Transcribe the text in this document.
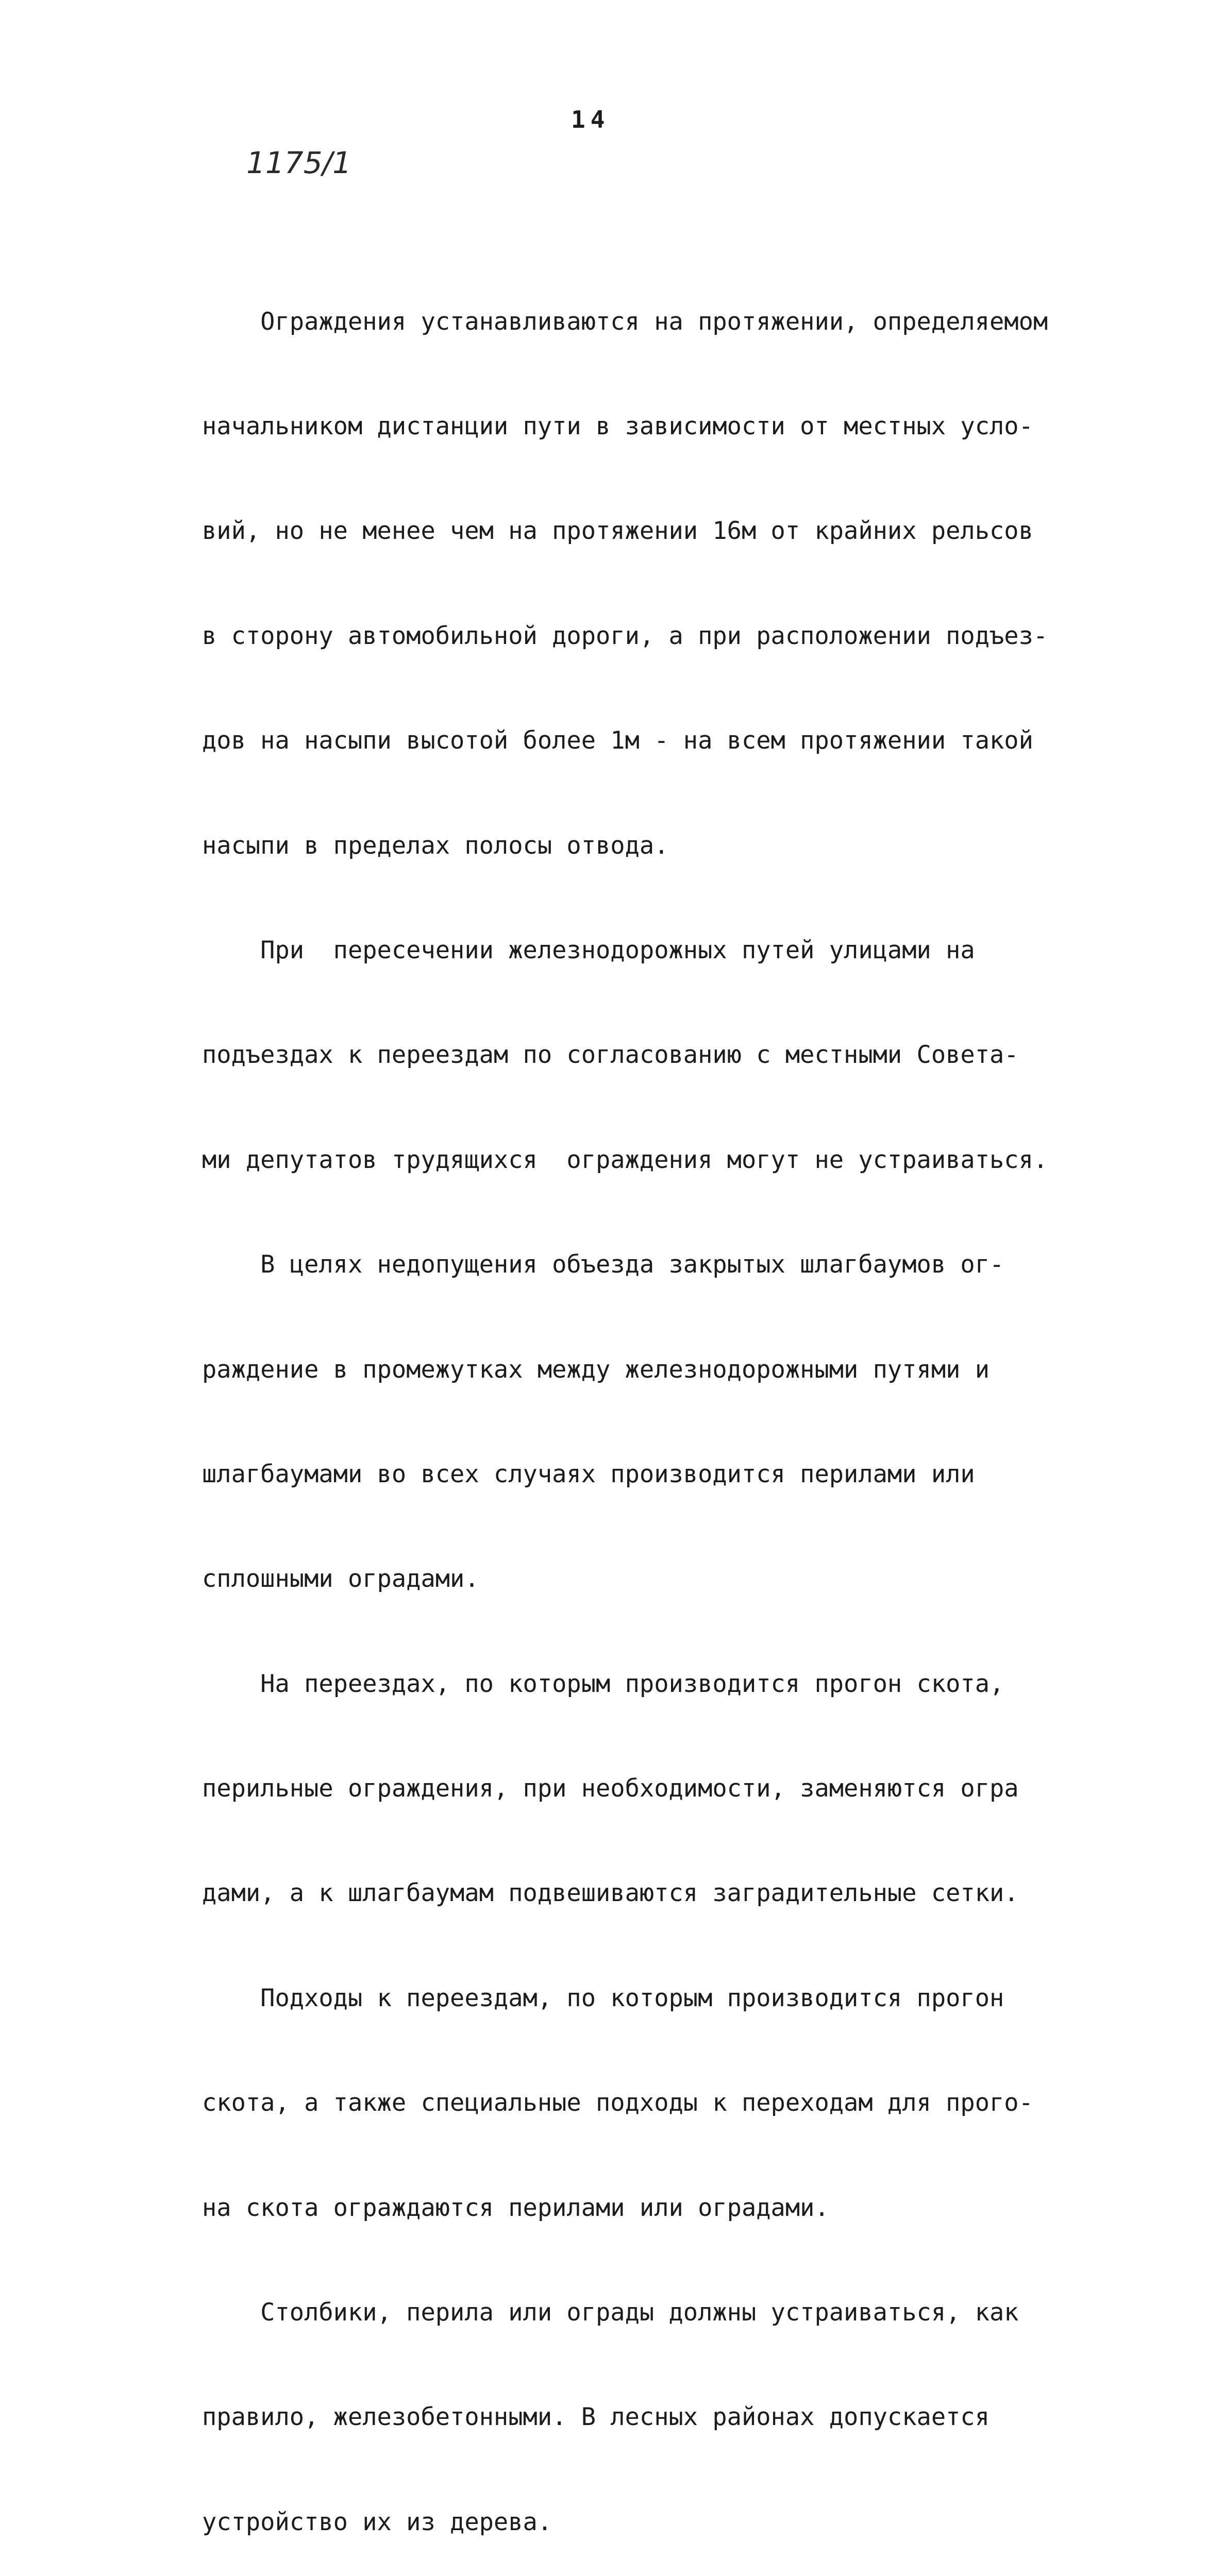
14
1175/1

Ограждения устанавливаются на протяжении, определяемом

начальником дистанции пути в зависимости от местных усло-

вий, но не менее чем на протяжении 16м от крайних рельсов

в сторону автомобильной дороги, а при расположении подъез-

дов на насыпи высотой более 1м - на всем протяжении такой

насыпи в пределах полосы отвода.

При  пересечении железнодорожных путей улицами на

подъездах к переездам по согласованию с местными Совета-

ми депутатов трудящихся  ограждения могут не устраиваться.

В целях недопущения объезда закрытых шлагбаумов ог-

раждение в промежутках между железнодорожными путями и

шлагбаумами во всех случаях производится перилами или

сплошными оградами.

На переездах, по которым производится прогон скота,

перильные ограждения, при необходимости, заменяются огра

дами, а к шлагбаумам подвешиваются заградительные сетки.

Подходы к переездам, по которым производится прогон

скота, а также специальные подходы к переходам для прого-

на скота ограждаются перилами или оградами.

Столбики, перила или ограды должны устраиваться, как

правило, железобетонными. В лесных районах допускается

устройство их из дерева.
